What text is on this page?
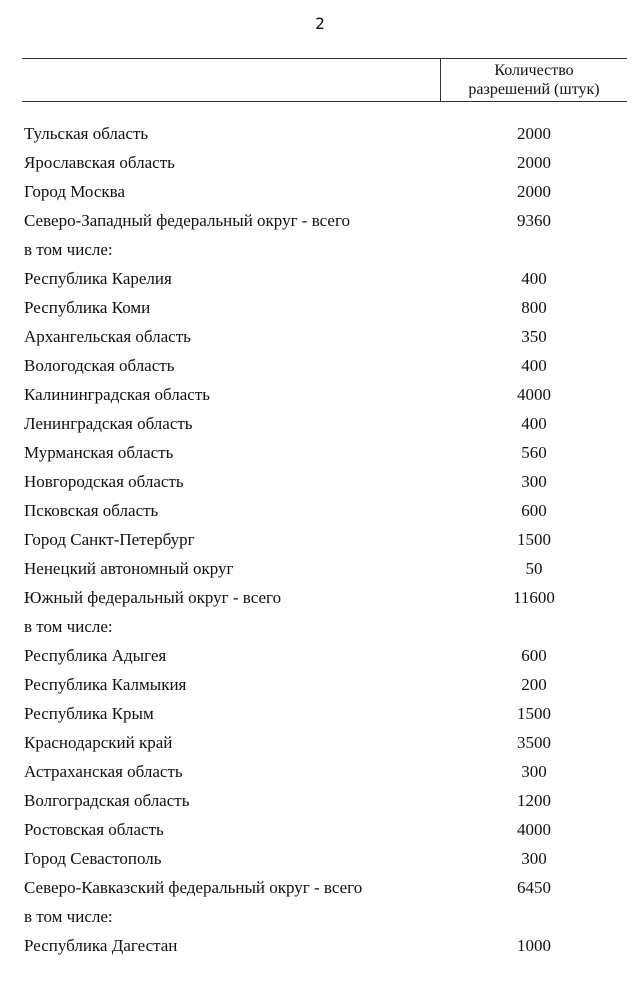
2
Количество
разрешений (штук)
Тульская область	2000
Ярославская область	2000
Город Москва	2000
Северо-Западный федеральный округ - всего	9360
в том числе:
Республика Карелия	400
Республика Коми	800
Архангельская область	350
Вологодская область	400
Калининградская область	4000
Ленинградская область	400
Мурманская область	560
Новгородская область	300
Псковская область	600
Город Санкт-Петербург	1500
Ненецкий автономный округ	50
Южный федеральный округ - всего	11600
в том числе:
Республика Адыгея	600
Республика Калмыкия	200
Республика Крым	1500
Краснодарский край	3500
Астраханская область	300
Волгоградская область	1200
Ростовская область	4000
Город Севастополь	300
Северо-Кавказский федеральный округ - всего	6450
в том числе:
Республика Дагестан	1000
